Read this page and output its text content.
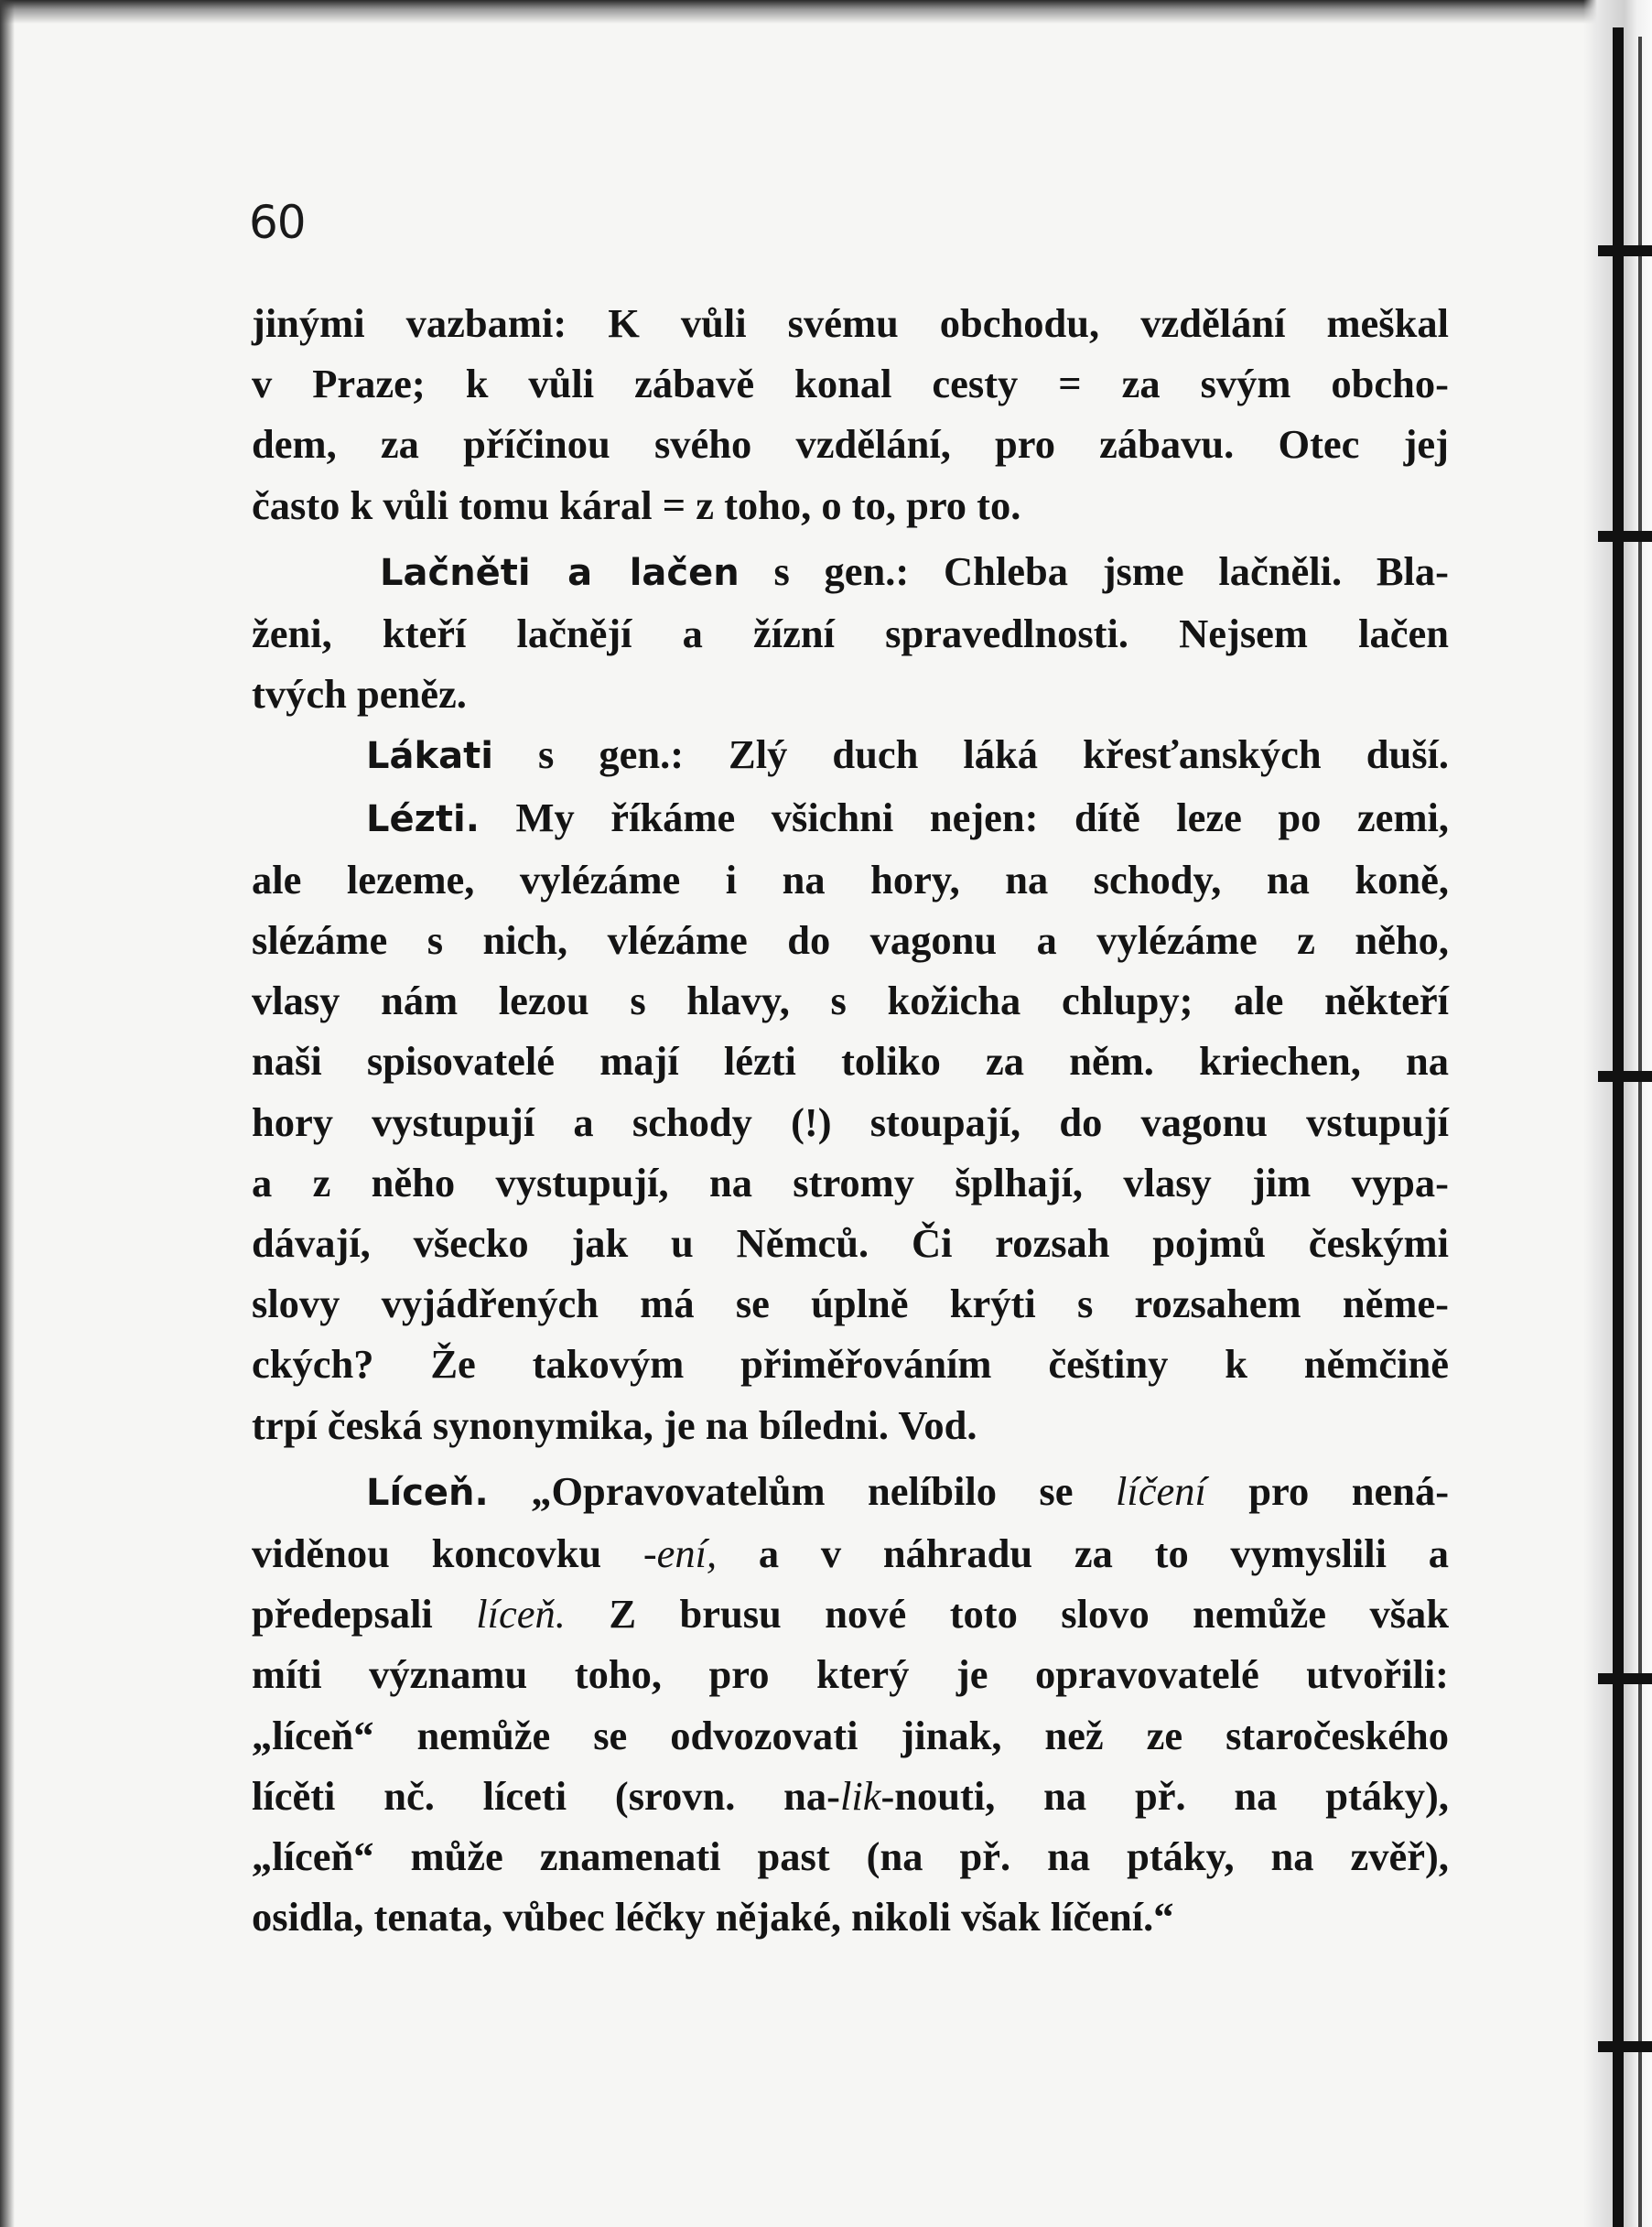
60

jinými vazbami: K vůli svému obchodu, vzdělání meškal

v Praze; k vůli zábavě konal cesty = za svým obcho-

dem, za příčinou svého vzdělání, pro zábavu. Otec jej

často k vůli tomu káral = z toho, o to, pro to.

Lačněti a lačen s gen.: Chleba jsme lačněli. Bla-

ženi, kteří lačnějí a žízní spravedlnosti. Nejsem lačen

tvých peněz.

Lákati s gen.: Zlý duch láká křesťanských duší.

Lézti. My říkáme všichni nejen: dítě leze po zemi,

ale lezeme, vylézáme i na hory, na schody, na koně,

slézáme s nich, vlézáme do vagonu a vylézáme z něho,

vlasy nám lezou s hlavy, s kožicha chlupy; ale někteří

naši spisovatelé mají lézti toliko za něm. kriechen, na

hory vystupují a schody (!) stoupají, do vagonu vstupují

a z něho vystupují, na stromy šplhají, vlasy jim vypa-

dávají, všecko jak u Němců. Či rozsah pojmů českými

slovy vyjádřených má se úplně krýti s rozsahem něme-

ckých? Že takovým přiměřováním češtiny k němčině

trpí česká synonymika, je na bíledni. Vod.

Líceň. „Opravovatelům nelíbilo se líčení pro nená-

viděnou koncovku -ení, a v náhradu za to vymyslili a

předepsali líceň. Z brusu nové toto slovo nemůže však

míti významu toho, pro který je opravovatelé utvořili:

„líceň“ nemůže se odvozovati jinak, než ze staročeského

lícěti nč. líceti (srovn. na-lik-nouti, na př. na ptáky),

„líceň“ může znamenati past (na př. na ptáky, na zvěř),

osidla, tenata, vůbec léčky nějaké, nikoli však líčení.“
